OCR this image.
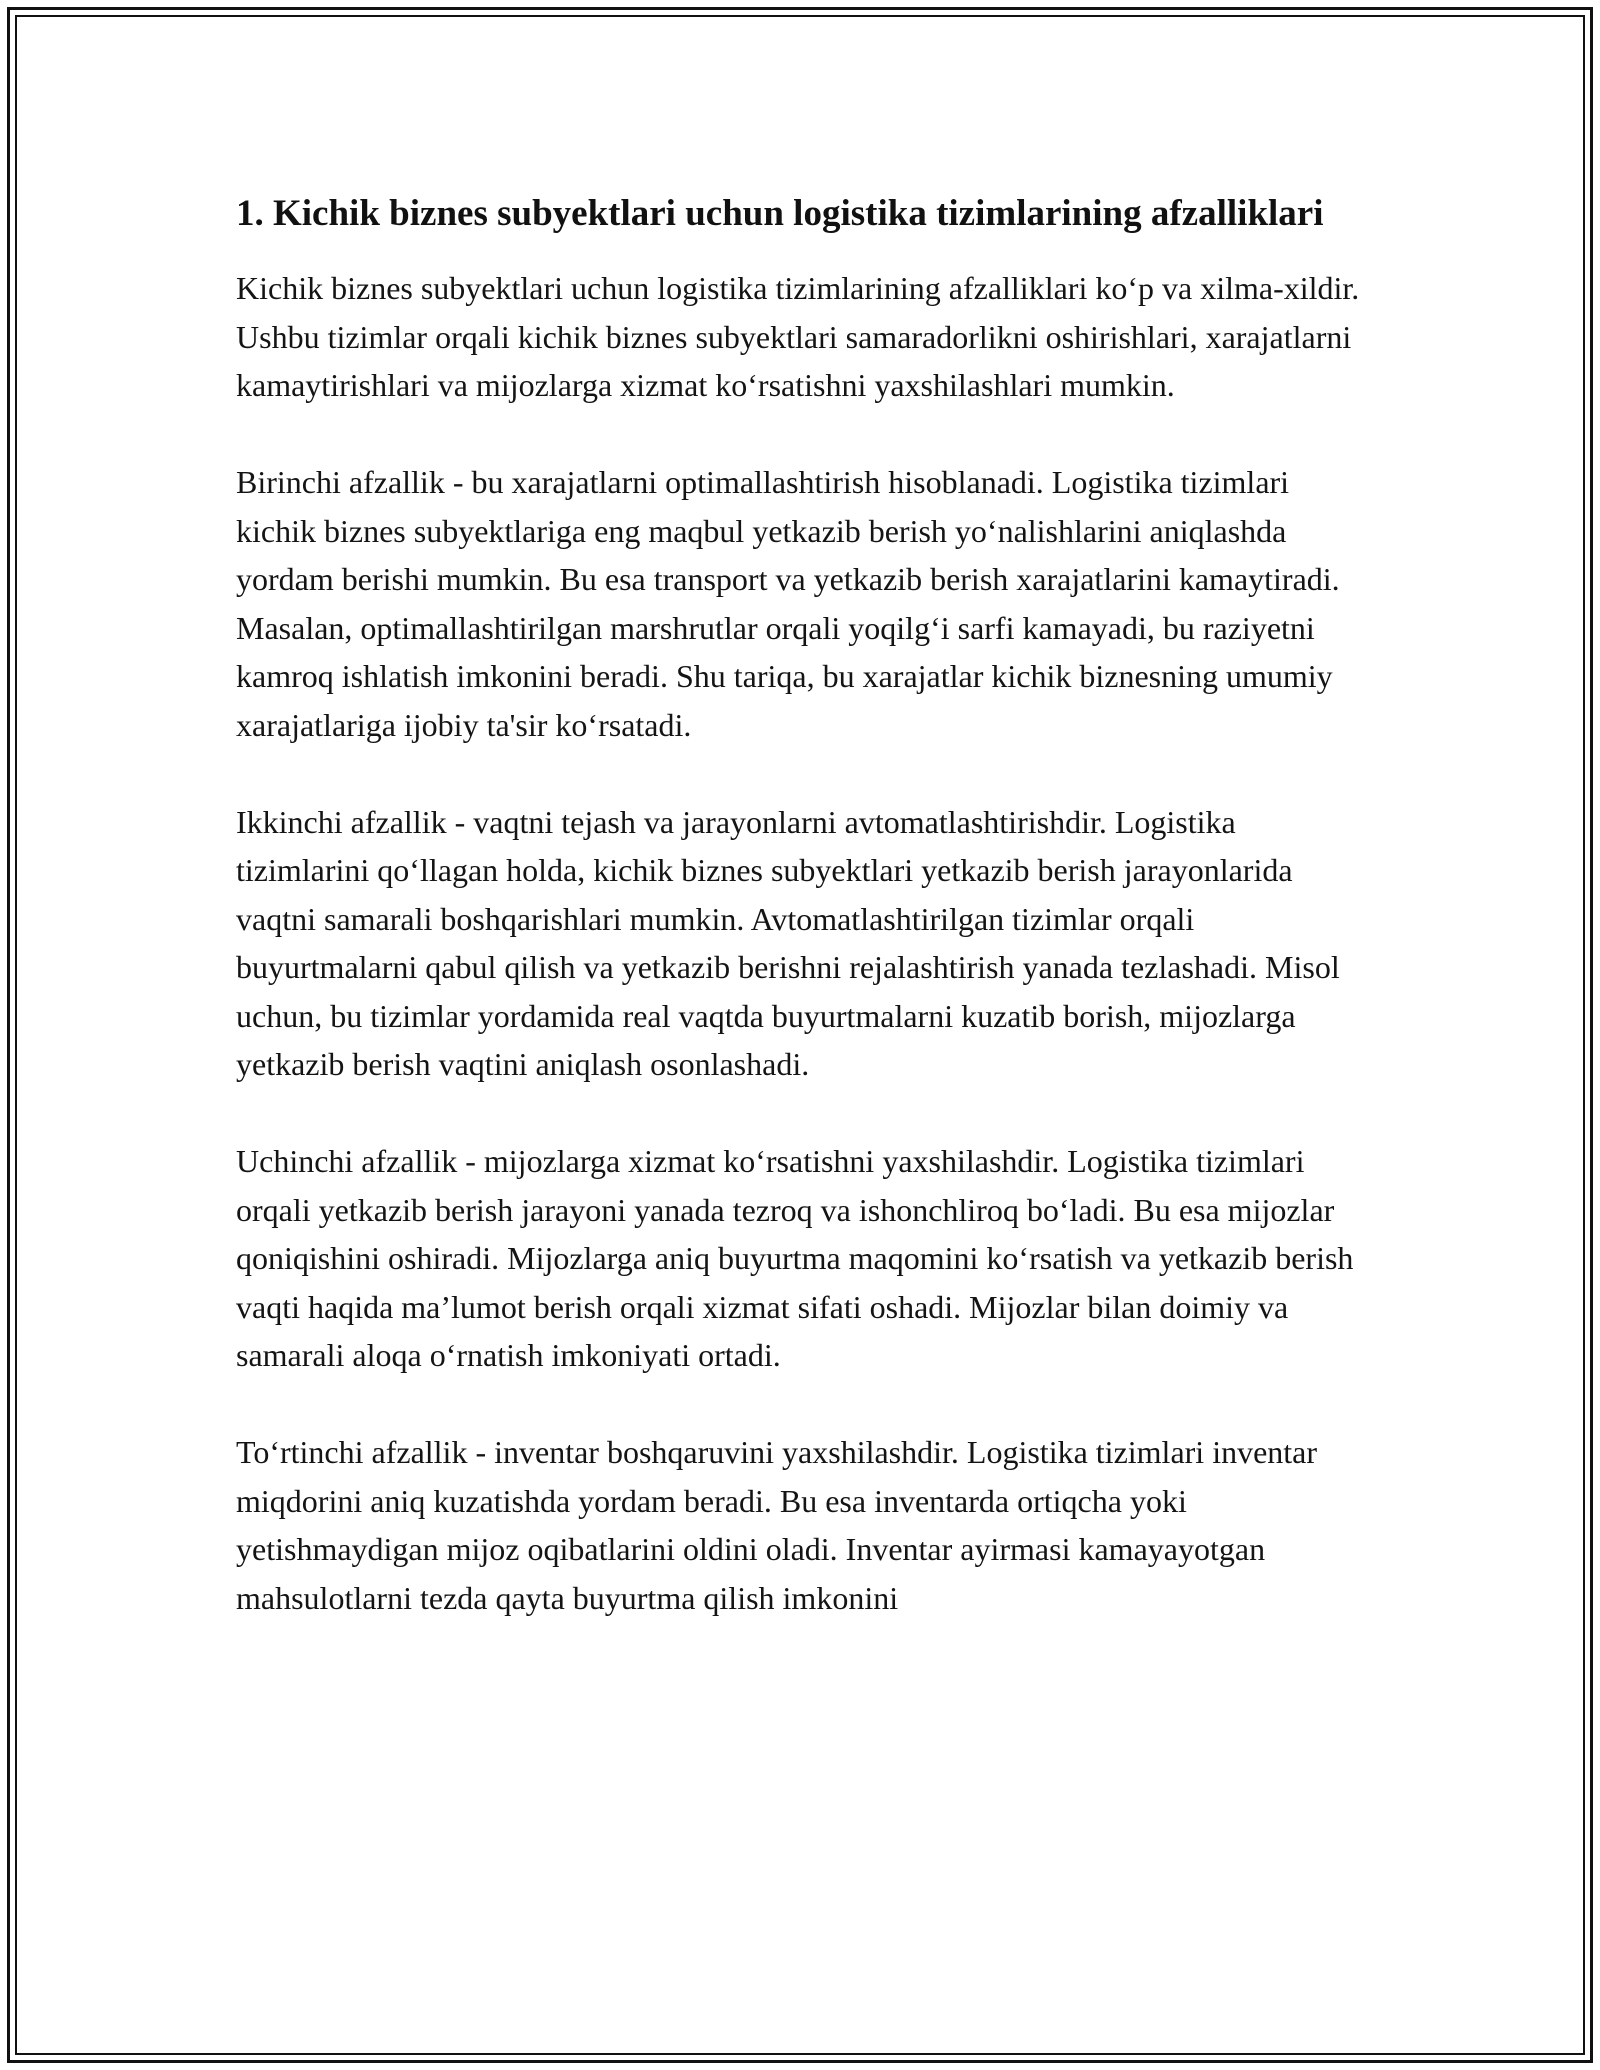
1. Kichik biznes subyektlari uchun logistika tizimlarining afzalliklari

Kichik biznes subyektlari uchun logistika tizimlarining afzalliklari ko‘p va xilma-xildir. Ushbu tizimlar orqali kichik biznes subyektlari samaradorlikni oshirishlari, xarajatlarni kamaytirishlari va mijozlarga xizmat ko‘rsatishni yaxshilashlari mumkin.

Birinchi afzallik - bu xarajatlarni optimallashtirish hisoblanadi. Logistika tizimlari kichik biznes subyektlariga eng maqbul yetkazib berish yo‘nalishlarini aniqlashda yordam berishi mumkin. Bu esa transport va yetkazib berish xarajatlarini kamaytiradi. Masalan, optimallashtirilgan marshrutlar orqali yoqilg‘i sarfi kamayadi, bu raziyetni kamroq ishlatish imkonini beradi. Shu tariqa, bu xarajatlar kichik biznesning umumiy xarajatlariga ijobiy ta'sir ko‘rsatadi.

Ikkinchi afzallik - vaqtni tejash va jarayonlarni avtomatlashtirishdir. Logistika tizimlarini qo‘llagan holda, kichik biznes subyektlari yetkazib berish jarayonlarida vaqtni samarali boshqarishlari mumkin. Avtomatlashtirilgan tizimlar orqali buyurtmalarni qabul qilish va yetkazib berishni rejalashtirish yanada tezlashadi. Misol uchun, bu tizimlar yordamida real vaqtda buyurtmalarni kuzatib borish, mijozlarga yetkazib berish vaqtini aniqlash osonlashadi.

Uchinchi afzallik - mijozlarga xizmat ko‘rsatishni yaxshilashdir. Logistika tizimlari orqali yetkazib berish jarayoni yanada tezroq va ishonchliroq bo‘ladi. Bu esa mijozlar qoniqishini oshiradi. Mijozlarga aniq buyurtma maqomini ko‘rsatish va yetkazib berish vaqti haqida ma’lumot berish orqali xizmat sifati oshadi. Mijozlar bilan doimiy va samarali aloqa o‘rnatish imkoniyati ortadi.

To‘rtinchi afzallik - inventar boshqaruvini yaxshilashdir. Logistika tizimlari inventar miqdorini aniq kuzatishda yordam beradi. Bu esa inventarda ortiqcha yoki yetishmaydigan mijoz oqibatlarini oldini oladi. Inventar ayirmasi kamayayotgan mahsulotlarni tezda qayta buyurtma qilish imkonini
